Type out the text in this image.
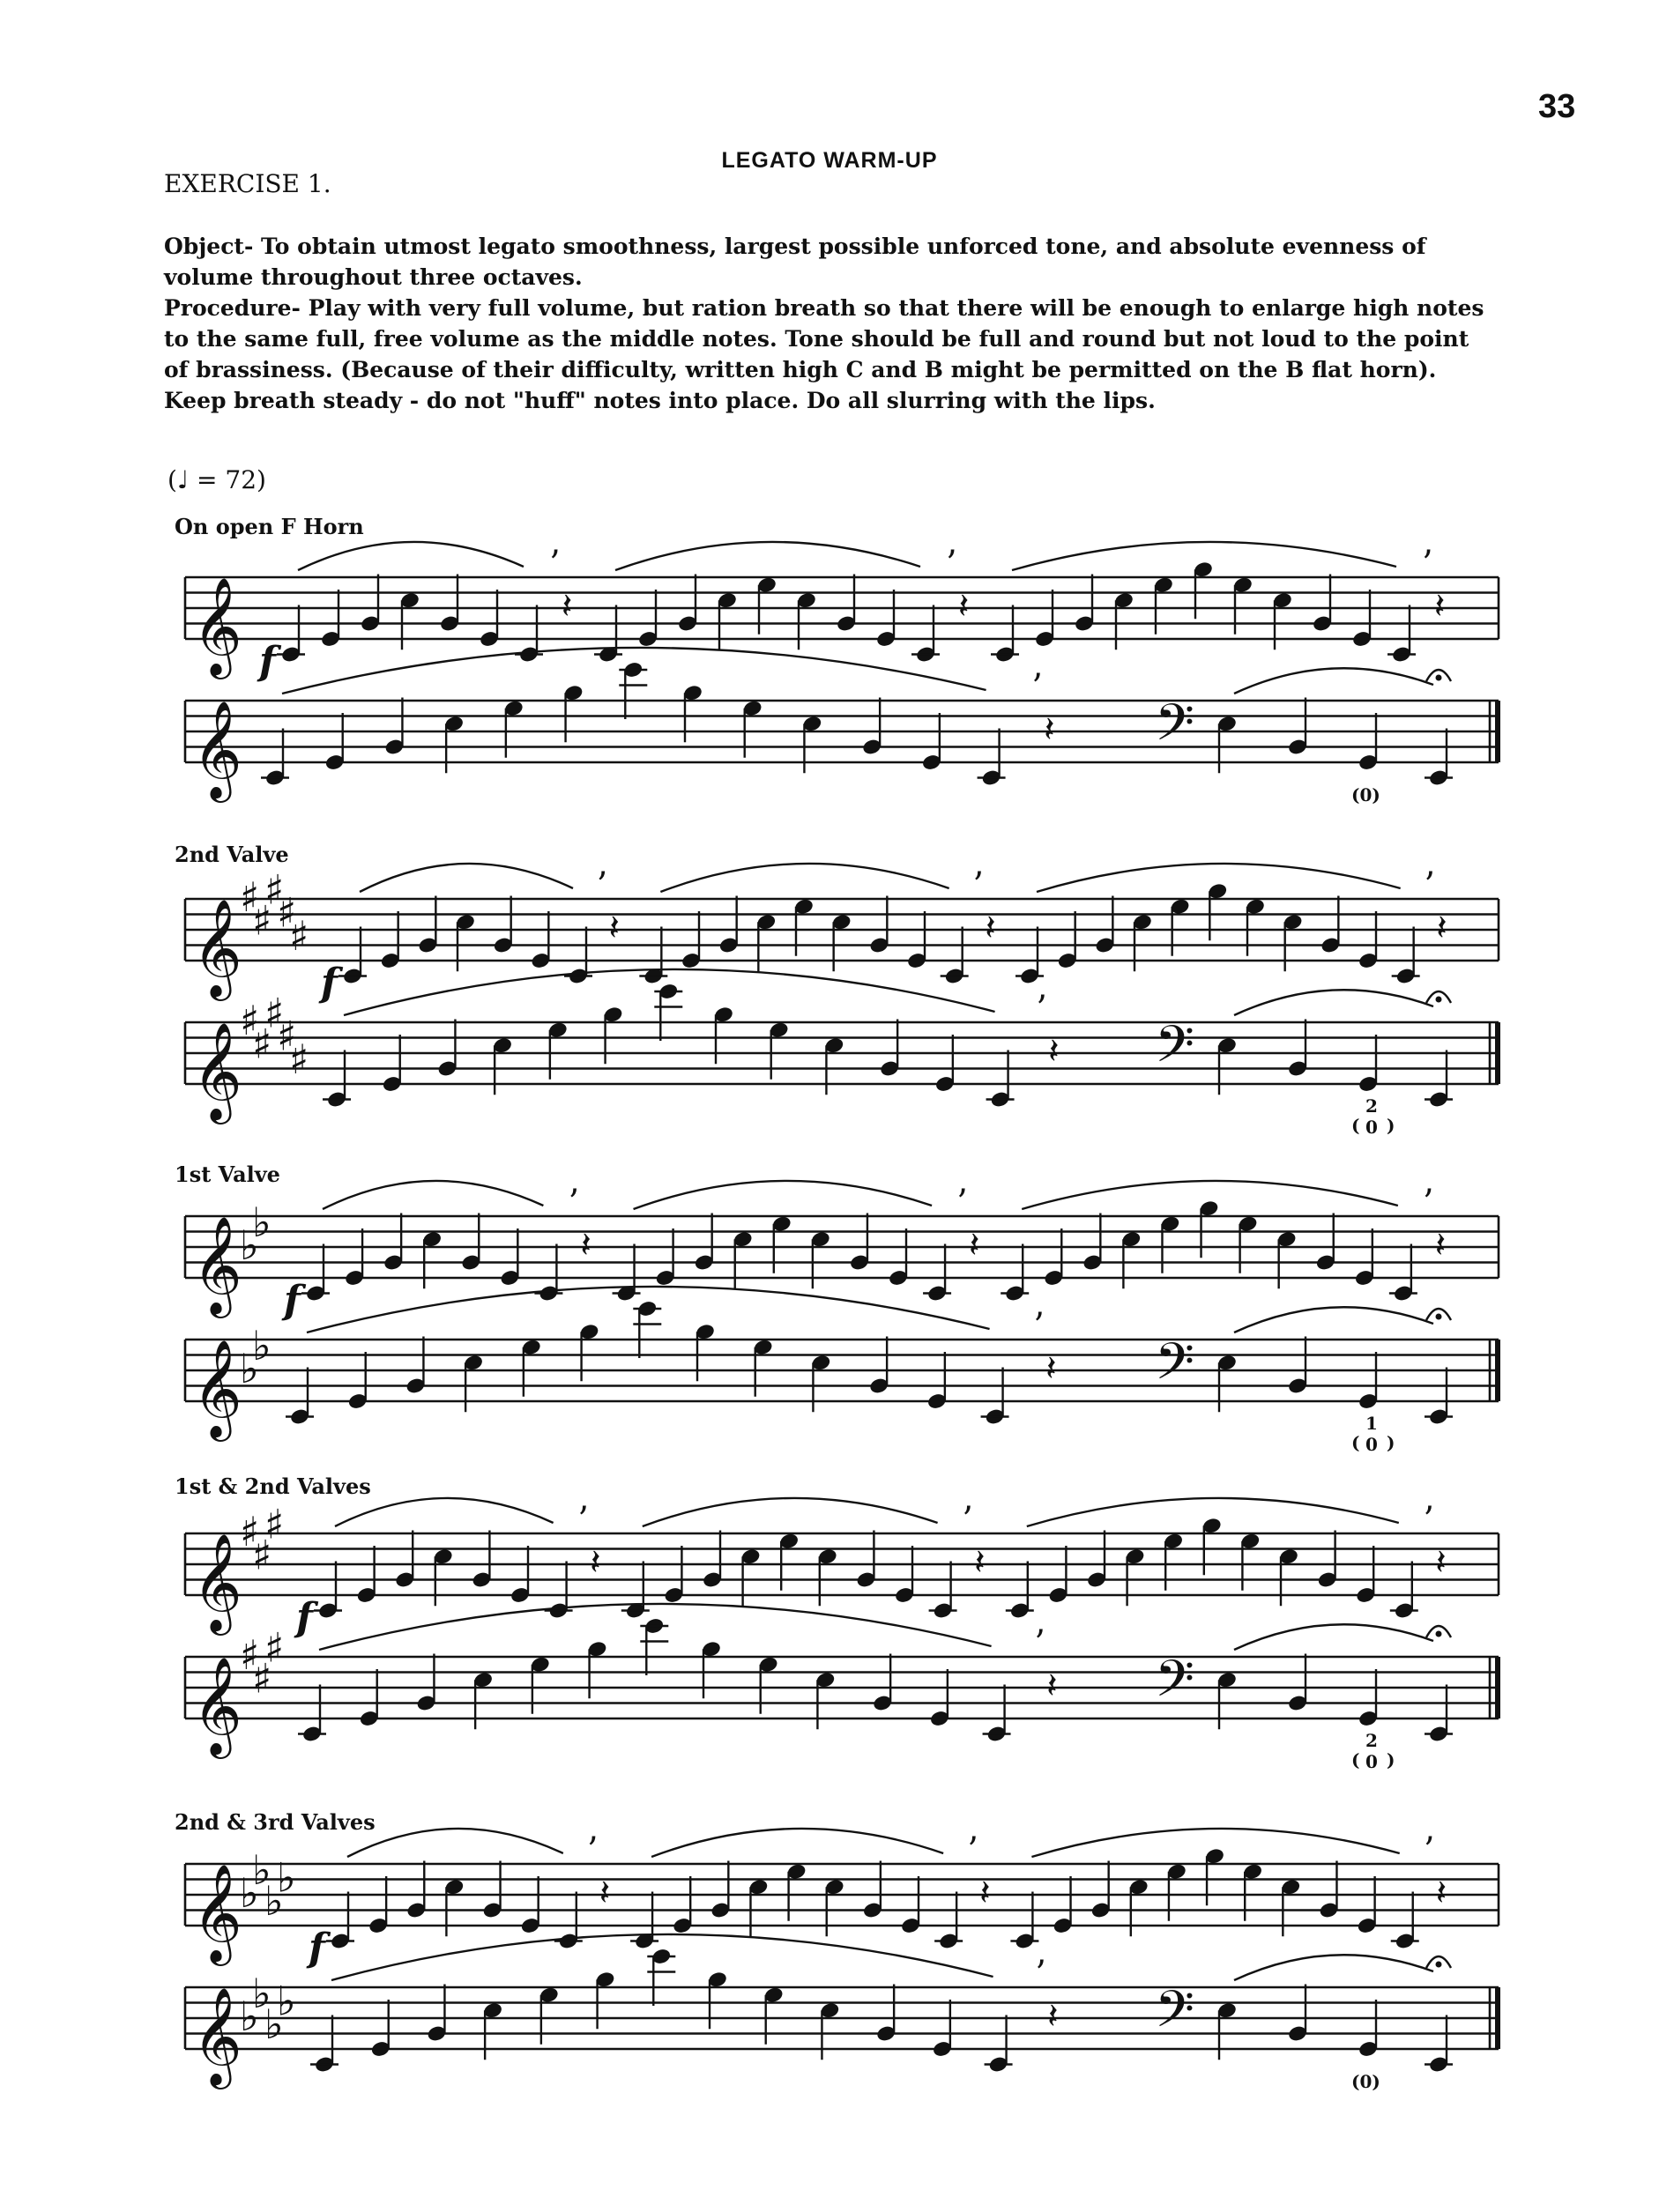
33
LEGATO WARM-UP
EXERCISE 1.

Object- To obtain utmost legato smoothness, largest possible unforced tone, and absolute evenness of volume throughout three octaves.

Procedure- Play with very full volume, but ration breath so that there will be enough to enlarge high notes to the same full, free volume as the middle notes. Tone should be full and round but not loud to the point of brassiness. (Because of their difficulty, written high C and B might be permitted on the B flat horn). Keep breath steady - do not "huff" notes into place. Do all slurring with the lips.

(♩ = 72)
On open F Horn
2nd Valve
1st Valve
1st & 2nd Valves
2nd & 3rd Valves
𝄞 f
𝄽
’
𝄽
’
𝄽
’
𝄞	𝄽
’
𝄢
(0)
𝄞
♯
♯
♯
♯
♯
f
𝄽
’
𝄽
’
𝄽
’
𝄞
♯
♯
♯
♯
♯	𝄽
’
𝄢
( )
2
0
𝄞
♭
♭
f
𝄽
’
𝄽
’
𝄽
’
𝄞
♭
♭	𝄽
’
𝄢
( )
1
0
𝄞
♯
♯
♯
f
𝄽
’
𝄽
’
𝄽
’
𝄞
♯
♯
♯
𝄽
’
𝄢
( )
2
0
𝄞
♭
♭
♭
♭
f
𝄽
’
𝄽
’
𝄽
’
𝄞
♭
♭
♭
♭	𝄽
’
𝄢
(0)
